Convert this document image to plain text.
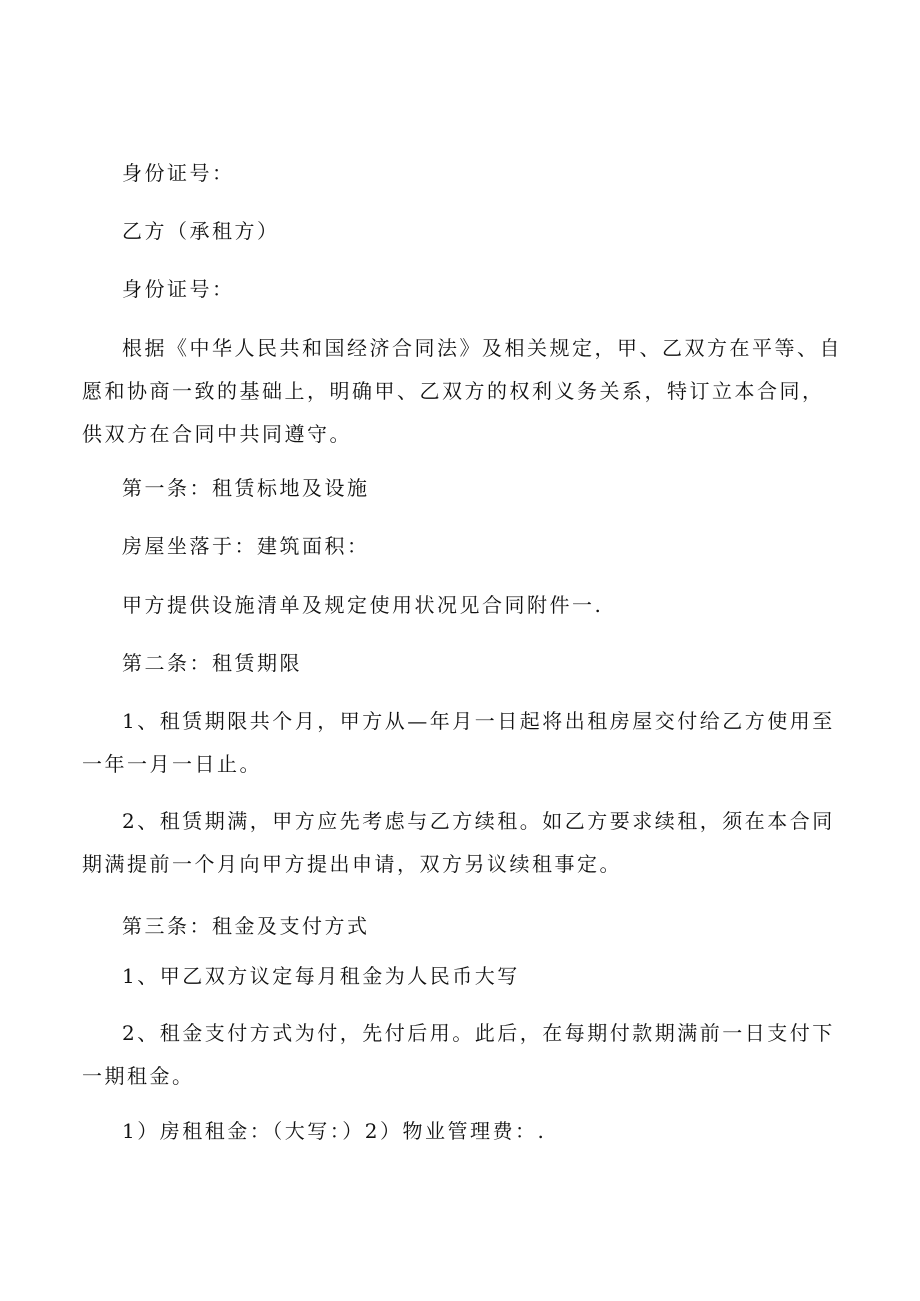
身份证号：

乙方（承租方）

身份证号：

根据《中华人民共和国经济合同法》及相关规定，甲、乙双方在平等、自愿和协商一致的基础上，明确甲、乙双方的权利义务关系，特订立本合同，供双方在合同中共同遵守。

第一条：租赁标地及设施

房屋坐落于：建筑面积：

甲方提供设施清单及规定使用状况见合同附件一.

第二条：租赁期限

1、租赁期限共个月，甲方从—年月一日起将出租房屋交付给乙方使用至一年一月一日止。

2、租赁期满，甲方应先考虑与乙方续租。如乙方要求续租，须在本合同期满提前一个月向甲方提出申请，双方另议续租事定。

第三条：租金及支付方式

1、甲乙双方议定每月租金为人民币大写

2、租金支付方式为付，先付后用。此后，在每期付款期满前一日支付下一期租金。

1）房租租金：（大写：）2）物业管理费：.
